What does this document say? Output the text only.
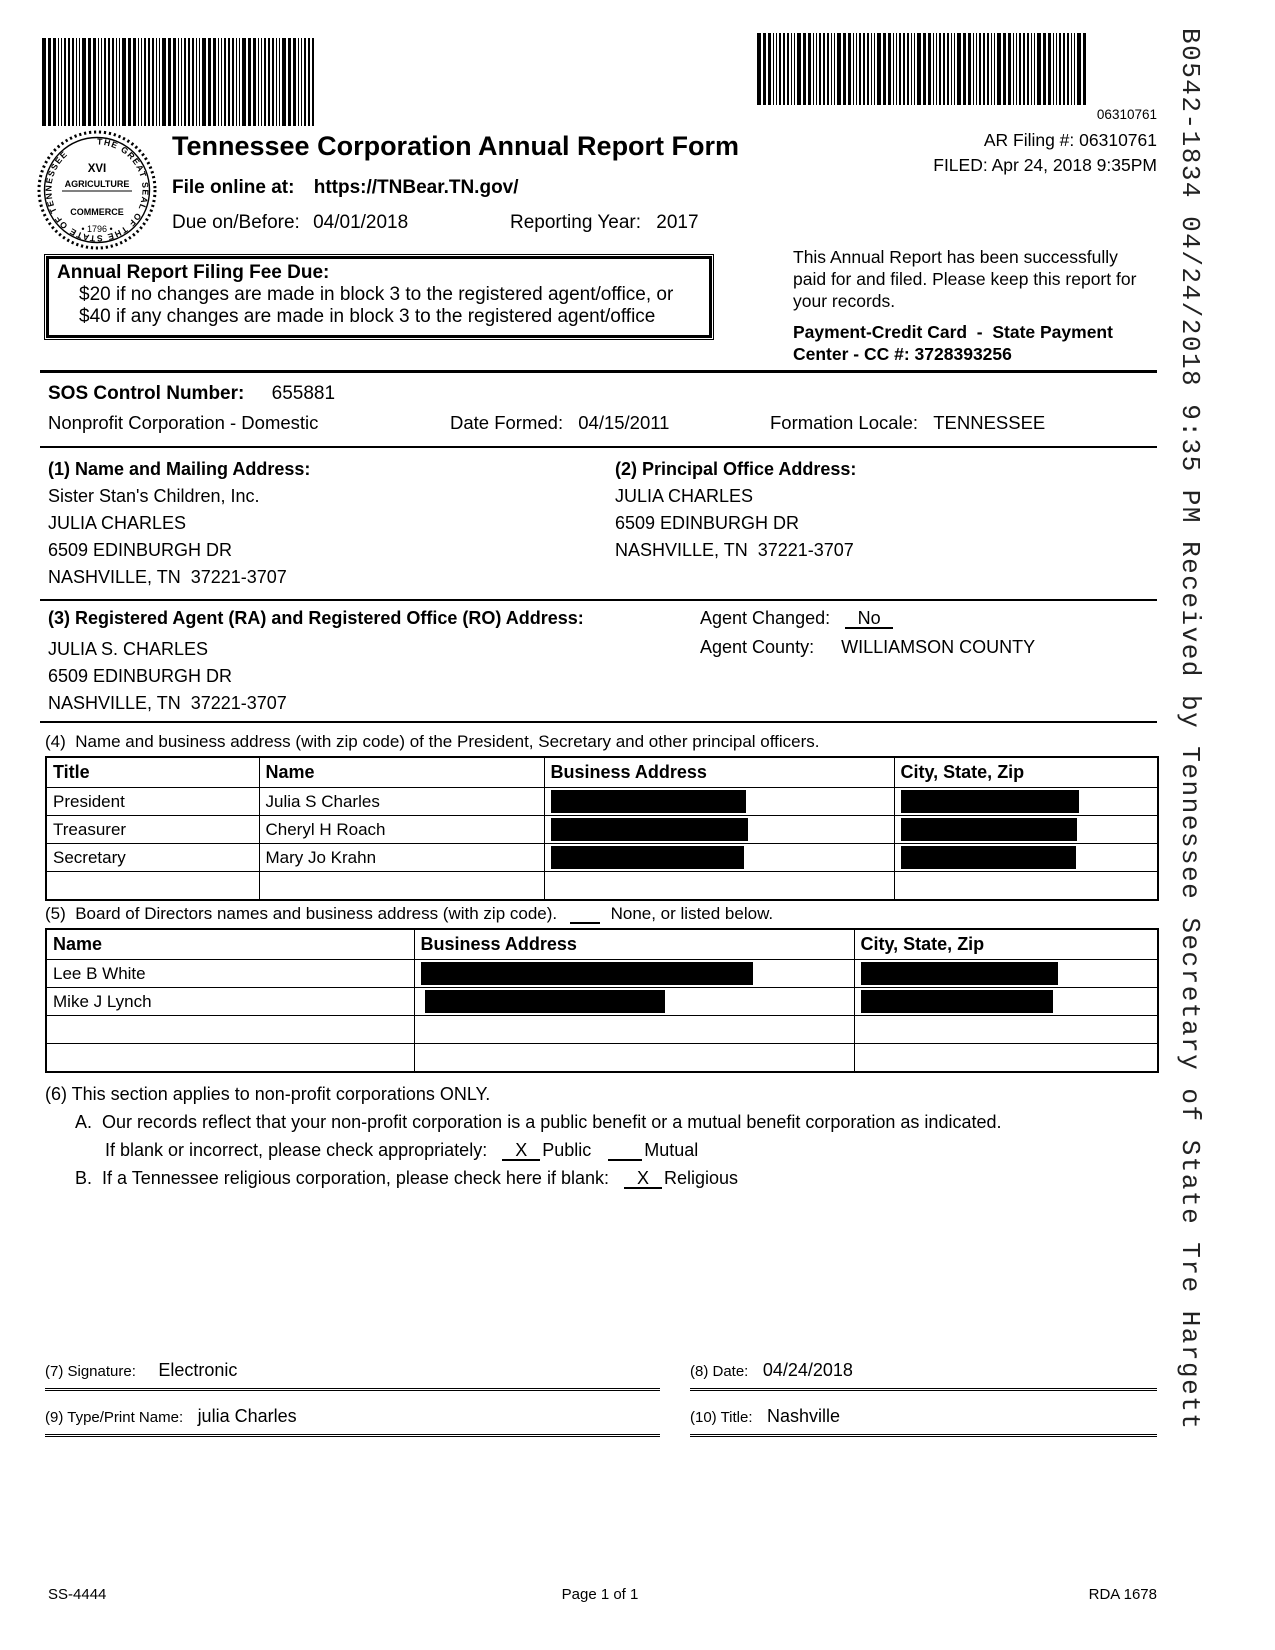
06310761
AR Filing #: 06310761
FILED: Apr 24, 2018 9:35PM
THE GREAT SEAL OF THE STATE OF TENNESSEE
XVI
AGRICULTURE
COMMERCE
• 1796 •
Tennessee Corporation Annual Report Form
File online at: https://TNBear.TN.gov/
Due on/Before: 04/01/2018	Reporting Year: 2017
Annual Report Filing Fee Due:
$20 if no changes are made in block 3 to the registered agent/office, or
$40 if any changes are made in block 3 to the registered agent/office
This Annual Report has been successfully paid for and filed. Please keep this report for your records.
Payment-Credit Card  -  State Payment Center - CC #: 3728393256
SOS Control Number: 655881
Nonprofit Corporation - Domestic	Date Formed: 04/15/2011	Formation Locale: TENNESSEE
(1) Name and Mailing Address:
Sister Stan's Children, Inc.
JULIA CHARLES
6509 EDINBURGH DR
NASHVILLE, TN  37221-3707
(2) Principal Office Address:
JULIA CHARLES
6509 EDINBURGH DR
NASHVILLE, TN  37221-3707
(3) Registered Agent (RA) and Registered Office (RO) Address:	Agent Changed: No
Agent County: WILLIAMSON COUNTY
JULIA S. CHARLES
6509 EDINBURGH DR
NASHVILLE, TN  37221-3707
(4)  Name and business address (with zip code) of the President, Secretary and other principal officers.
Title	Name	Business Address	City, State, Zip
President	Julia S Charles	

Treasurer	Cheryl H Roach	

Secretary	Mary Jo Krahn	

(5)  Board of Directors names and business address (with zip code).	None, or listed below.
Name	Business Address	City, State, Zip
Lee B White	

Mike J Lynch	

(6) This section applies to non-profit corporations ONLY.
A.  Our records reflect that your non-profit corporation is a public benefit or a mutual benefit corporation as indicated.
If blank or incorrect, please check appropriately: X Public	Mutual
B.  If a Tennessee religious corporation, please check here if blank: X Religious
(7) Signature: Electronic	(8) Date: 04/24/2018
(9) Type/Print Name: julia Charles	(10) Title: Nashville
SS-4444	Page 1 of 1	RDA 1678
B0542-1834 04/24/2018 9:35 PM Received by Tennessee Secretary of State Tre Hargett
